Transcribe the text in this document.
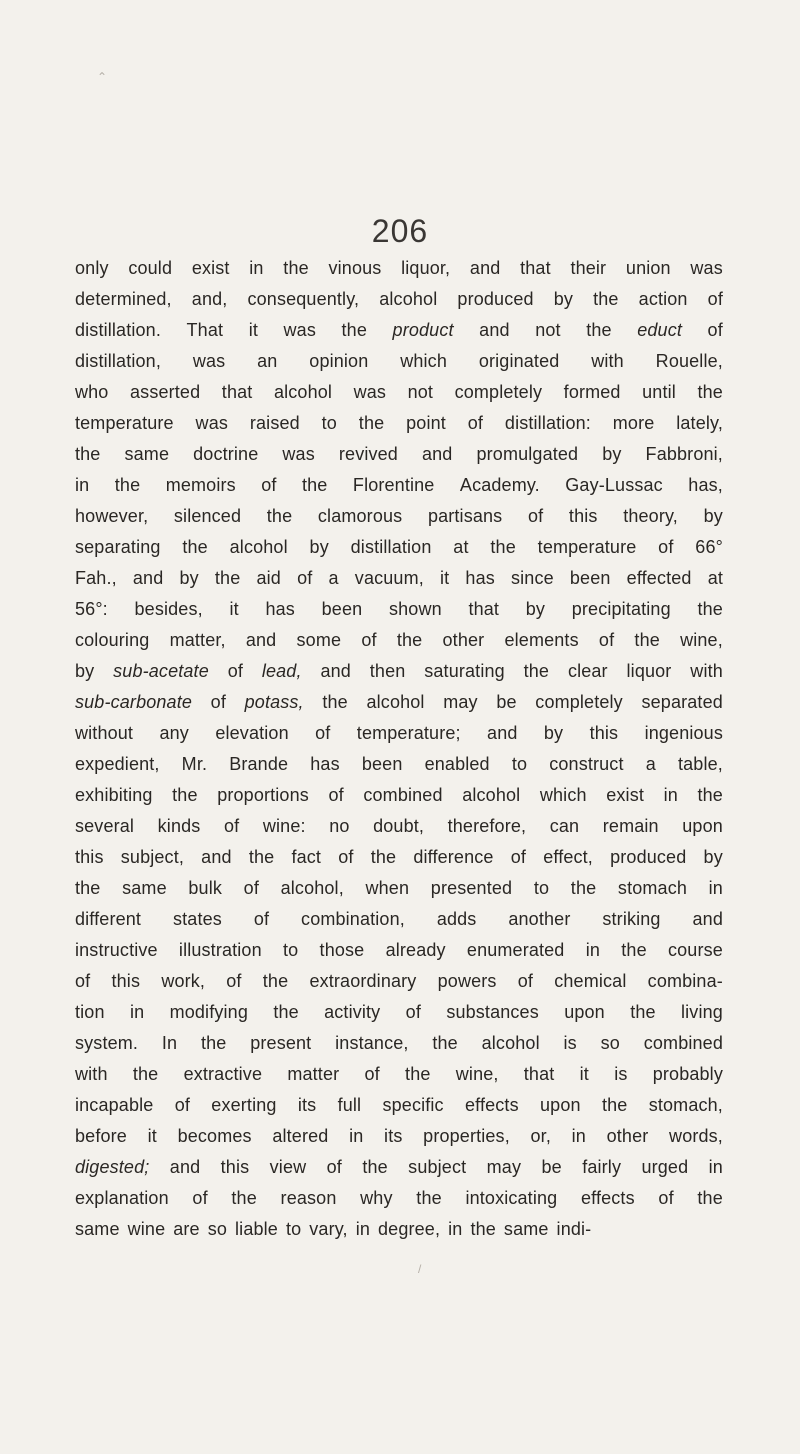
⌃
206
only could exist in the vinous liquor, and that their union was
determined, and, consequently, alcohol produced by the action of
distillation. That it was the product and not the educt of
distillation, was an opinion which originated with Rouelle,
who asserted that alcohol was not completely formed until the
temperature was raised to the point of distillation: more lately,
the same doctrine was revived and promulgated by Fabbroni,
in the memoirs of the Florentine Academy. Gay-Lussac has,
however, silenced the clamorous partisans of this theory, by
separating the alcohol by distillation at the temperature of 66°
Fah., and by the aid of a vacuum, it has since been effected at
56°: besides, it has been shown that by precipitating the
colouring matter, and some of the other elements of the wine,
by sub-acetate of lead, and then saturating the clear liquor with
sub-carbonate of potass, the alcohol may be completely separated
without any elevation of temperature; and by this ingenious
expedient, Mr. Brande has been enabled to construct a table,
exhibiting the proportions of combined alcohol which exist in the
several kinds of wine: no doubt, therefore, can remain upon
this subject, and the fact of the difference of effect, produced by
the same bulk of alcohol, when presented to the stomach in
different states of combination, adds another striking and
instructive illustration to those already enumerated in the course
of this work, of the extraordinary powers of chemical combina-
tion in modifying the activity of substances upon the living
system. In the present instance, the alcohol is so combined
with the extractive matter of the wine, that it is probably
incapable of exerting its full specific effects upon the stomach,
before it becomes altered in its properties, or, in other words,
digested; and this view of the subject may be fairly urged in
explanation of the reason why the intoxicating effects of the
same wine are so liable to vary, in degree, in the same indi-
/
